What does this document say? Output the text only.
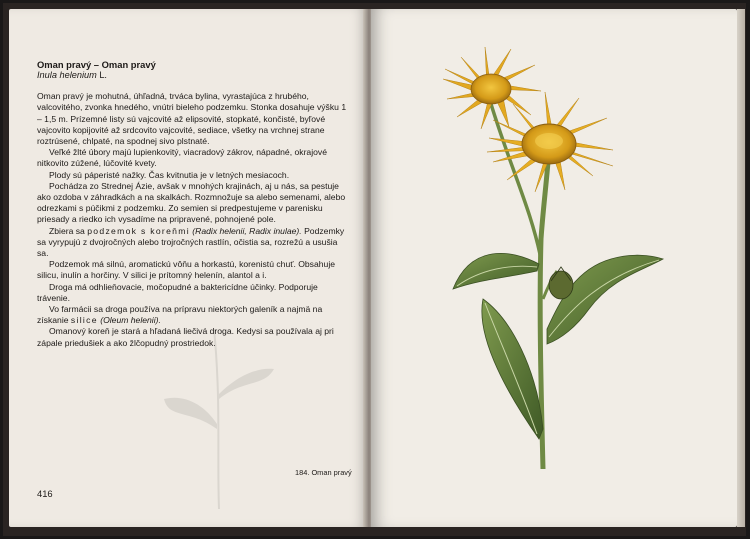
Oman pravý – Oman pravý
Inula helenium L.

Oman pravý je mohutná, úhľadná, trváca bylina, vyrastajúca z hrubého, valcovitého, zvonka hnedého, vnútri bieleho podzemku. Stonka dosahuje výšku 1 – 1,5 m. Prízemné listy sú vajcovité až elipsovité, stopkaté, končisté, byľové vajcovito kopijovité až srdcovito vajcovité, sediace, všetky na vrchnej strane roztrúsené, chlpaté, na spodnej sivo plstnaté.

Veľké žlté úbory majú lupienkovitý, viacradový zákrov, nápadné, okrajové nitkovito zúžené, lúčovité kvety.

Plody sú páperisté nažky. Čas kvitnutia je v letných mesiacoch.

Pochádza zo Strednej Ázie, avšak v mnohých krajinách, aj u nás, sa pestuje ako ozdoba v záhradkách a na skalkách. Rozmnožuje sa alebo semenami, alebo odrezkami s púčikmi z podzemku. Zo semien si predpestujeme v parenisku priesady a riedko ich vysadíme na pripravené, pohnojené pole.

Zbiera sa podzemok s koreňmi (Radix helenii, Radix inulae). Podzemky sa vyrypujú z dvojročných alebo trojročných rastlín, očistia sa, rozrežú a usušia sa.

Podzemok má silnú, aromatickú vôňu a horkastú, korenistú chuť. Obsahuje silicu, inulín a horčiny. V silici je prítomný helenín, alantol a i.

Droga má odhlieňovacie, močopudné a baktericídne účinky. Podporuje trávenie.

Vo farmácii sa droga používa na prípravu niektorých galeník a najmä na získanie silice (Oleum helenii).

Omanový koreň je stará a hľadaná liečivá droga. Kedysi sa používala aj pri zápale priedušiek a ako žlčopudný prostriedok.

184. Oman pravý
416
